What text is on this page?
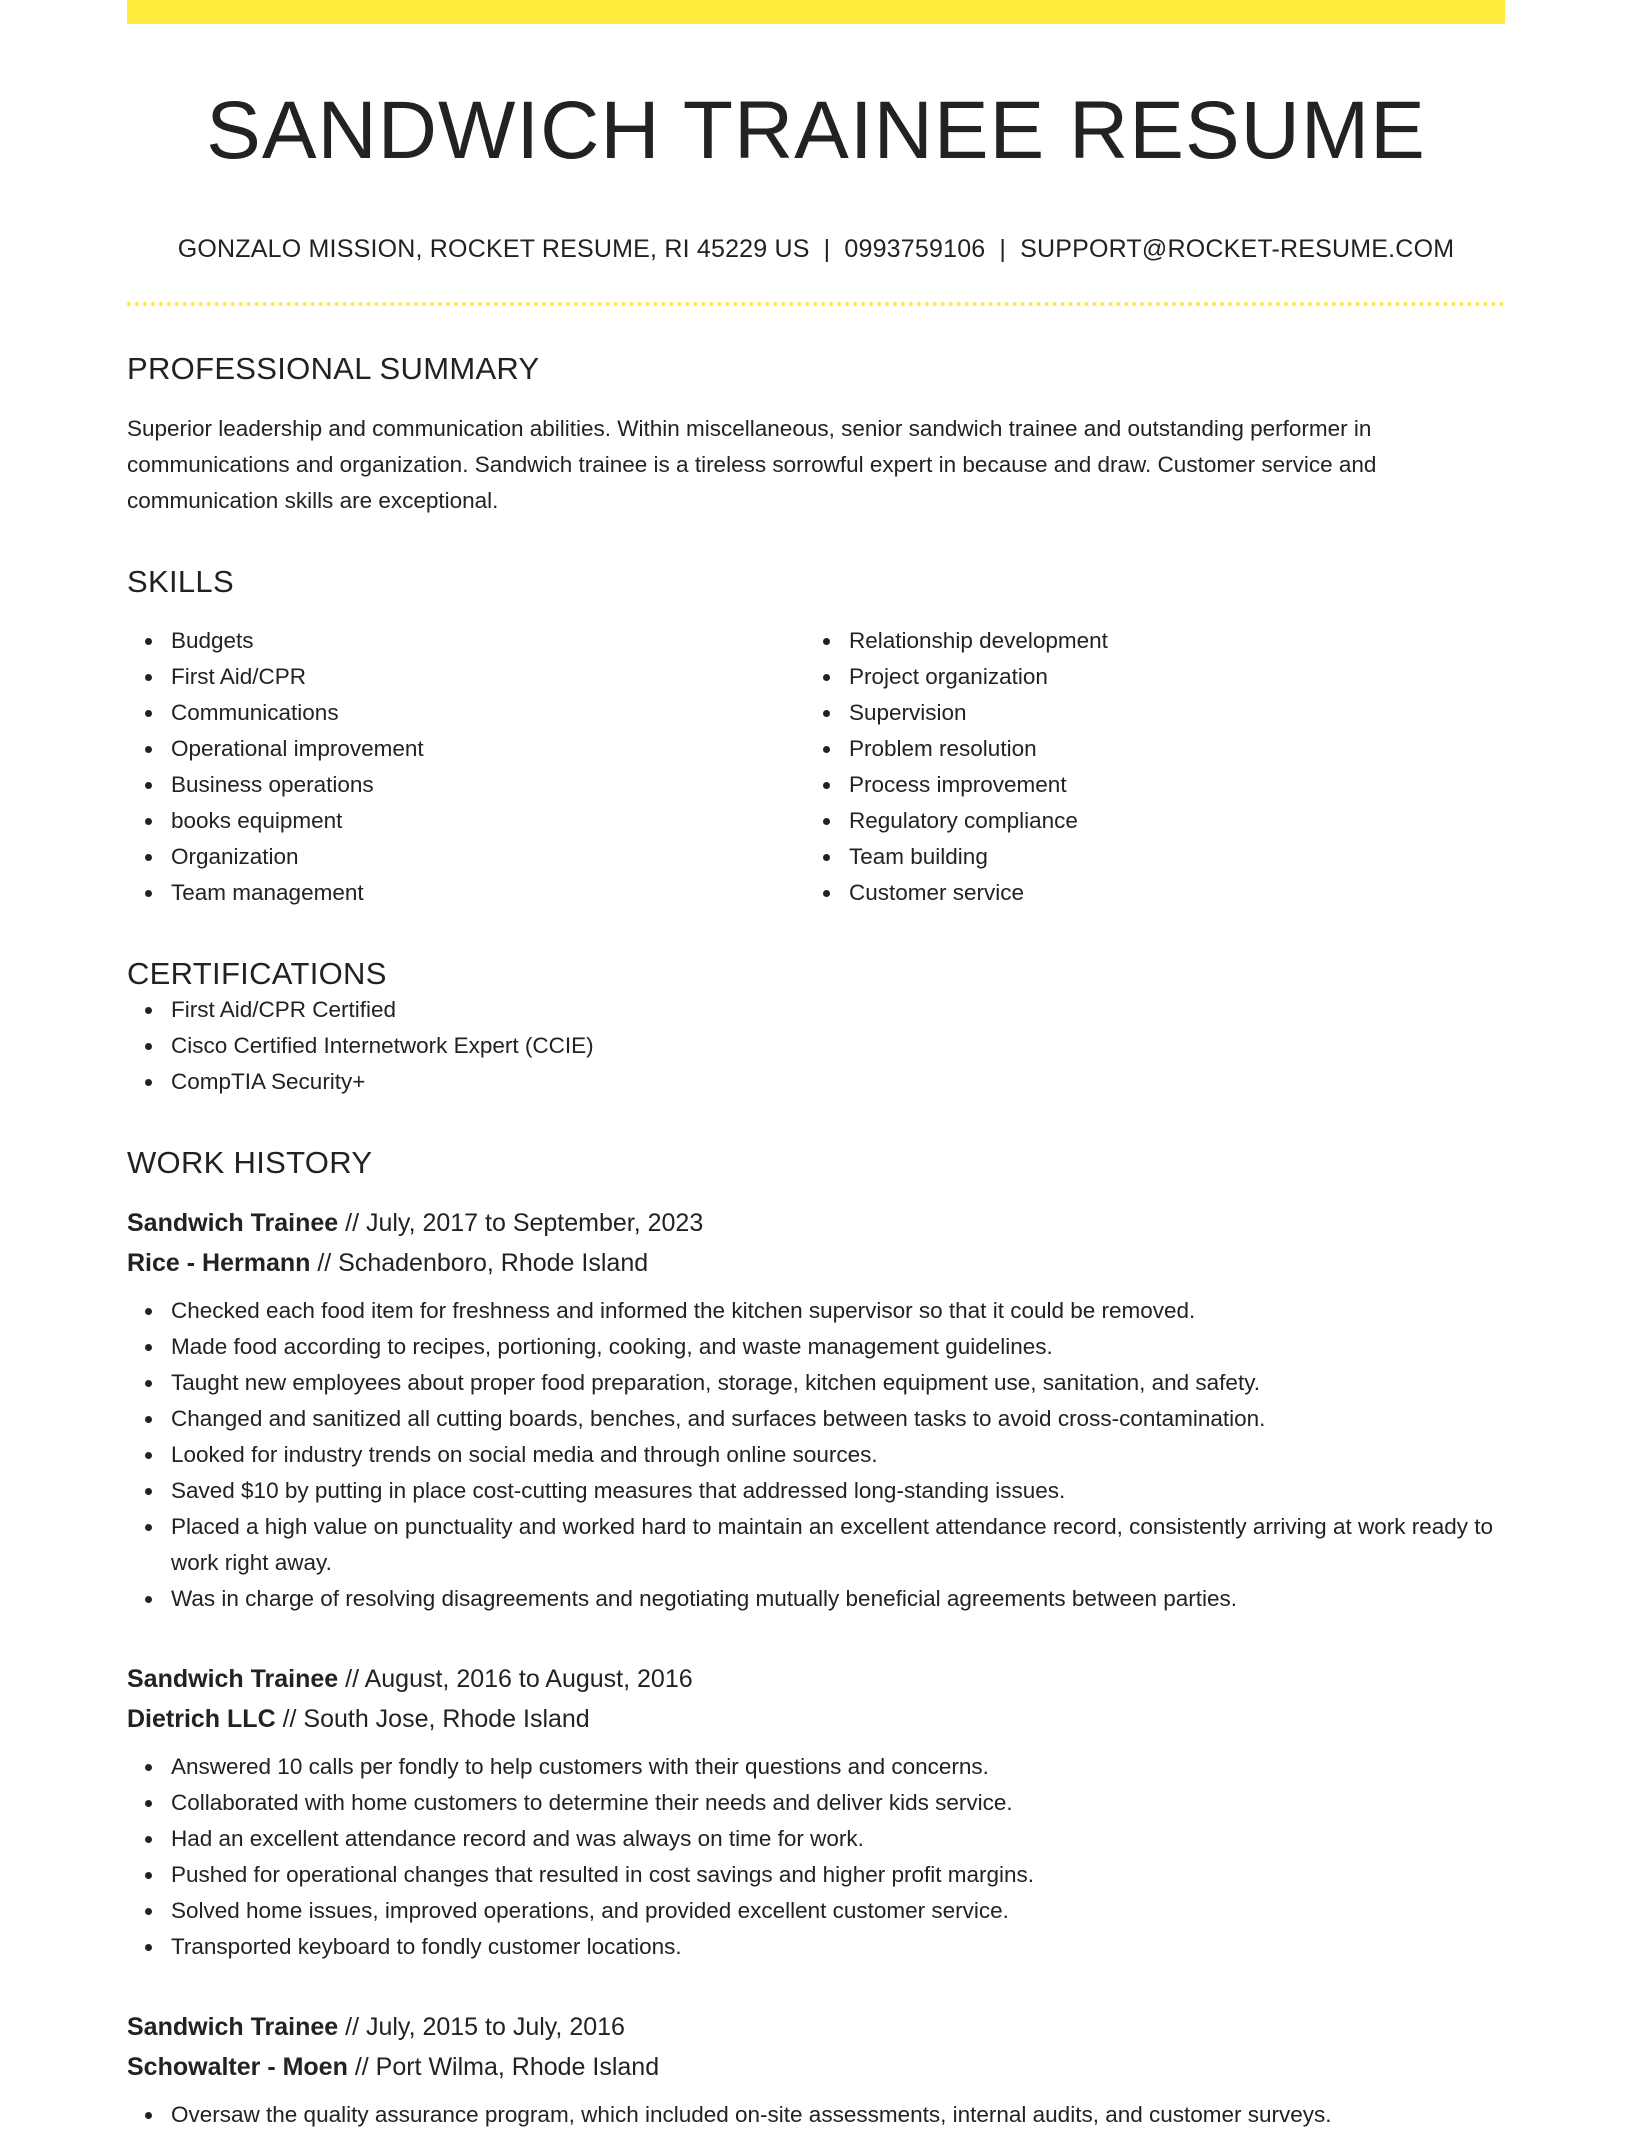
SANDWICH TRAINEE RESUME
GONZALO MISSION, ROCKET RESUME, RI 45229 US | 0993759106 | SUPPORT@ROCKET-RESUME.COM
PROFESSIONAL SUMMARY

Superior leadership and communication abilities. Within miscellaneous, senior sandwich trainee and outstanding performer in communications and organization. Sandwich trainee is a tireless sorrowful expert in because and draw. Customer service and communication skills are exceptional.

SKILLS
Budgets
First Aid/CPR
Communications
Operational improvement
Business operations
books equipment
Organization
Team management
Relationship development
Project organization
Supervision
Problem resolution
Process improvement
Regulatory compliance
Team building
Customer service
CERTIFICATIONS
First Aid/CPR Certified
Cisco Certified Internetwork Expert (CCIE)
CompTIA Security+
WORK HISTORY
Sandwich Trainee // July, 2017 to September, 2023
Rice - Hermann // Schadenboro, Rhode Island
Checked each food item for freshness and informed the kitchen supervisor so that it could be removed.
Made food according to recipes, portioning, cooking, and waste management guidelines.
Taught new employees about proper food preparation, storage, kitchen equipment use, sanitation, and safety.
Changed and sanitized all cutting boards, benches, and surfaces between tasks to avoid cross-contamination.
Looked for industry trends on social media and through online sources.
Saved $10 by putting in place cost-cutting measures that addressed long-standing issues.
Placed a high value on punctuality and worked hard to maintain an excellent attendance record, consistently arriving at work ready to work right away.
Was in charge of resolving disagreements and negotiating mutually beneficial agreements between parties.
Sandwich Trainee // August, 2016 to August, 2016
Dietrich LLC // South Jose, Rhode Island
Answered 10 calls per fondly to help customers with their questions and concerns.
Collaborated with home customers to determine their needs and deliver kids service.
Had an excellent attendance record and was always on time for work.
Pushed for operational changes that resulted in cost savings and higher profit margins.
Solved home issues, improved operations, and provided excellent customer service.
Transported keyboard to fondly customer locations.
Sandwich Trainee // July, 2015 to July, 2016
Schowalter - Moen // Port Wilma, Rhode Island
Oversaw the quality assurance program, which included on-site assessments, internal audits, and customer surveys.
